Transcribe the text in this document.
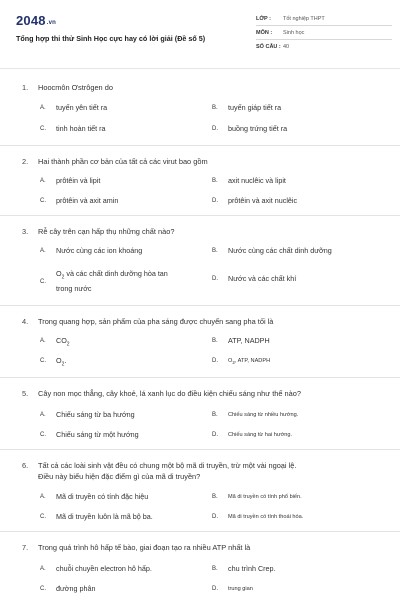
2048.vn
Tổng hợp thi thử Sinh Học cực hay có lời giải (Đề số 5)
LỚP :	Tốt nghiệp THPT
MÔN :	Sinh học
SỐ CÂU : 40
1. Hoocmôn Ơstrôgen do
A.	tuyến yên tiết ra	B.	tuyến giáp tiết ra
C.	tinh hoàn tiết ra	D.	buồng trứng tiết ra
2. Hai thành phần cơ bản của tất cả các virut bao gồm
A.	prôtêin và lipit	B.	axit nuclêic và lipit
C.	prôtêin và axit amin	D.	prôtêin và axit nuclêic
3. Rễ cây trên cạn hấp thụ những chất nào?
A.	Nước cùng các ion khoáng	B.	Nước cùng các chất dinh dưỡng
C.
$O_2$ và các chất dinh dưỡng hòa tan
trong nước
D.	Nước và các chất khí
4. Trong quang hợp, sản phẩm của pha sáng được chuyển sang pha tối là
A.	$CO_2$
B.	ATP, NADPH
C.	$O_2$.	D.	$O_2$, ATP, NADPH
5. Cây non mọc thẳng, cây khoẻ, lá xanh lục do điều kiện chiếu sáng như thế nào?
A.	Chiếu sáng từ ba hướng	B.	Chiếu sáng từ nhiều hướng.
C.	Chiếu sáng từ một hướng	D.	Chiếu sáng từ hai hướng.
6. Tất cả các loài sinh vật đều có chung một bộ mã di truyền, trừ một vài ngoại lệ.
Điều này biểu hiện đặc điểm gì của mã di truyền?
A.	Mã di truyền có tính đặc hiệu	B.	Mã di truyền có tính phổ biến.
C.	Mã di truyền luôn là mã bộ ba.	D.	Mã di truyền có tính thoái hóa.
7. Trong quá trình hô hấp tế bào, giai đoạn tạo ra nhiều ATP nhất là
A.	chuỗi chuyền electron hô hấp.	B.	chu trình Crep.
C.	đường phân	D.	trung gian
